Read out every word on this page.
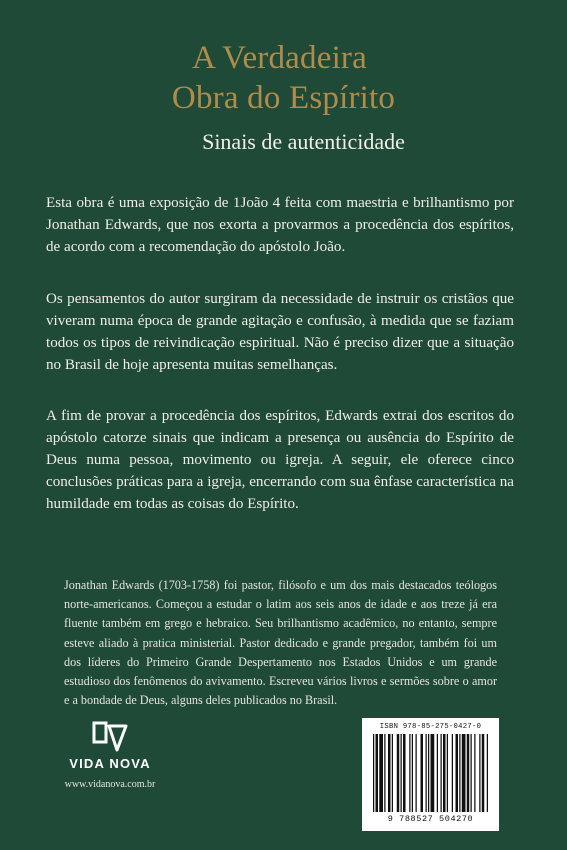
A Verdadeira
Obra do Espírito
Sinais de autenticidade

Esta obra é uma exposição de 1João 4 feita com maestria e brilhantismo por Jonathan Edwards, que nos exorta a provarmos a procedência dos espíritos, de acordo com a recomendação do apóstolo João.

Os pensamentos do autor surgiram da necessidade de instruir os cristãos que viveram numa época de grande agitação e confusão, à medida que se faziam todos os tipos de reivindicação espiritual. Não é preciso dizer que a situação no Brasil de hoje apresenta muitas semelhanças.

A fim de provar a procedência dos espíritos, Edwards extrai dos escritos do apóstolo catorze sinais que indicam a presença ou ausência do Espírito de Deus numa pessoa, movimento ou igreja. A seguir, ele oferece cinco conclusões práticas para a igreja, encerrando com sua ênfase característica na humildade em todas as coisas do Espírito.

Jonathan Edwards (1703-1758) foi pastor, filósofo e um dos mais destacados teólogos norte-americanos. Começou a estudar o latim aos seis anos de idade e aos treze já era fluente também em grego e hebraico. Seu brilhantismo acadêmico, no entanto, sempre esteve aliado à pratica ministerial. Pastor dedicado e grande pregador, também foi um dos líderes do Primeiro Grande Despertamento nos Estados Unidos e um grande estudioso dos fenômenos do avivamento. Escreveu vários livros e sermões sobre o amor e a bondade de Deus, alguns deles publicados no Brasil.

VIDA NOVA
www.vidanova.com.br
ISBN 978-85-275-0427-0
9 788527 504270
